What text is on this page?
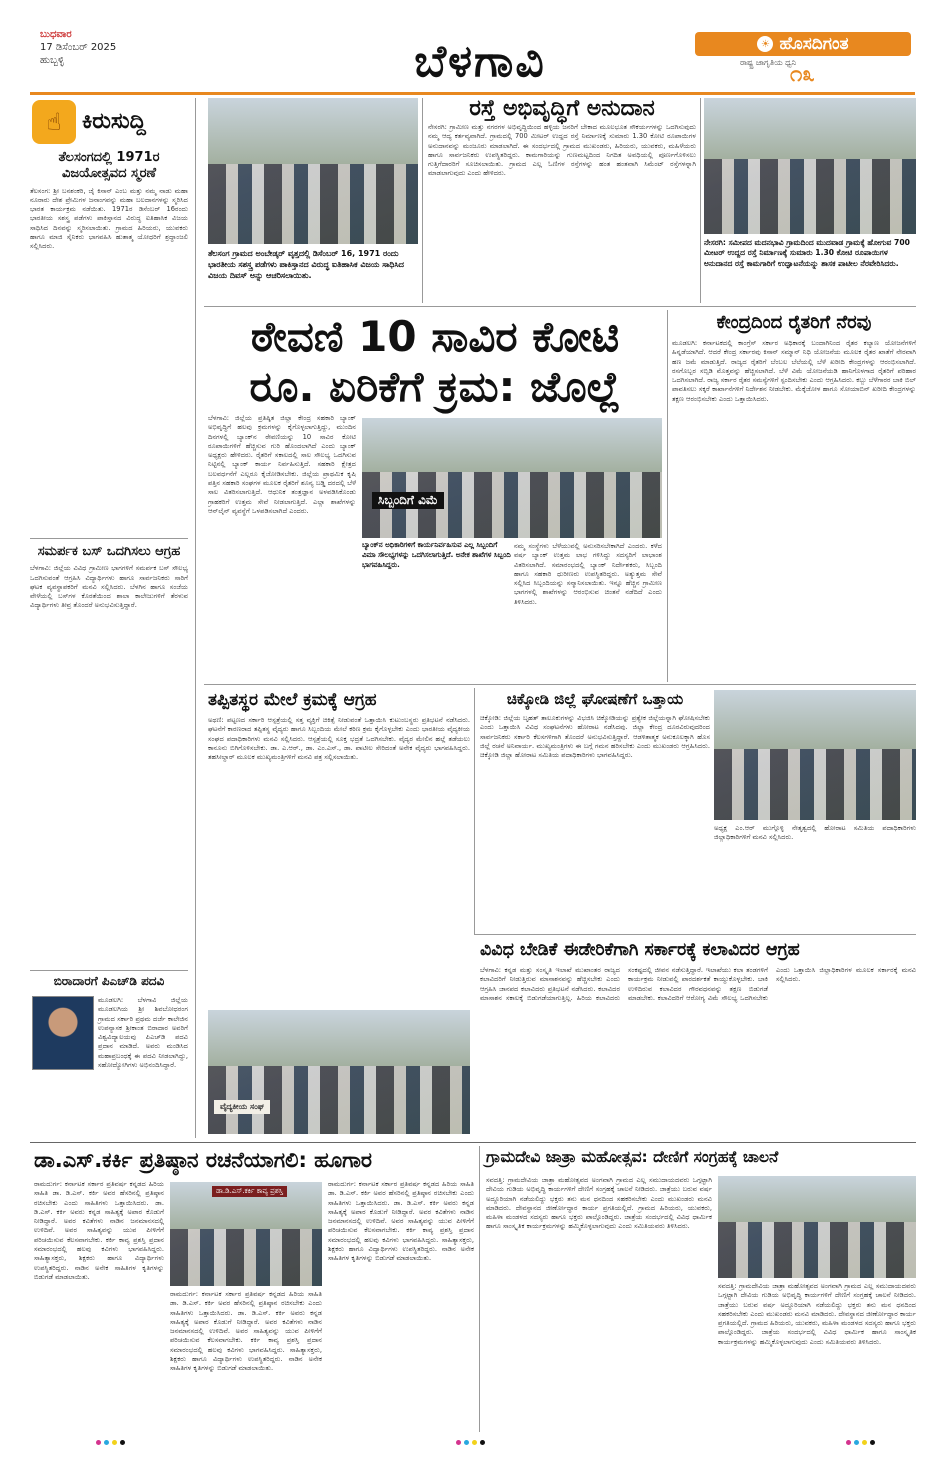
ಬುಧವಾರ
17 ಡಿಸೆಂಬರ್ 2025
ಹುಬ್ಬಳ್ಳಿ	ಬೆಳಗಾವಿ	☀ ಹೊಸದಿಗಂತ
ರಾಷ್ಟ್ರ ಜಾಗೃತಿಯ ಧ್ವನಿ
೧೩
☝ ಕಿರುಸುದ್ದಿ
ತೆಲಸಂಗದಲ್ಲಿ 1971ರ ವಿಜಯೋತ್ಸವದ ಸ್ಮರಣೆ
ತೆಲಸಂಗ: ಶ್ರೀ ಬನಶಂಕರಿ, ಜೈ ಕಿಸಾನ್ ಎಂಬ ಮತ್ತು ನಮ್ಮ ನಾಡು ಮಹಾ ನೂರಾರು ದೇಶ ಪ್ರೇಮಿಗಳ ಜನಾಂಗವನ್ನು ಮಹಾ ಬಲದಾನಗಳನ್ನು ಸ್ಮರಿಸಿದ ಭಾರತ ಕಾರ್ಯಕ್ರಮ ನಡೆಯಿತು. 1971ರ ಡಿಸೆಂಬರ್ 16ರಂದು ಭಾರತೀಯ ಸಶಸ್ತ್ರ ಪಡೆಗಳು ಪಾಕಿಸ್ತಾನದ ವಿರುದ್ಧ ಐತಿಹಾಸಿಕ ವಿಜಯ ಸಾಧಿಸಿದ ದಿನವನ್ನು ಸ್ಮರಿಸಲಾಯಿತು. ಗ್ರಾಮದ ಹಿರಿಯರು, ಯುವಕರು ಹಾಗೂ ಮಾಜಿ ಸೈನಿಕರು ಭಾಗವಹಿಸಿ ಹುತಾತ್ಮ ಯೋಧರಿಗೆ ಶ್ರದ್ಧಾಂಜಲಿ ಸಲ್ಲಿಸಿದರು.
ಸಮರ್ಪಕ ಬಸ್ ಒದಗಿಸಲು ಆಗ್ರಹ
ಬೆಳಗಾವಿ: ಜಿಲ್ಲೆಯ ವಿವಿಧ ಗ್ರಾಮೀಣ ಭಾಗಗಳಿಗೆ ಸಮರ್ಪಕ ಬಸ್ ಸೌಲಭ್ಯ ಒದಗಿಸುವಂತೆ ಆಗ್ರಹಿಸಿ ವಿದ್ಯಾರ್ಥಿಗಳು ಹಾಗೂ ಸಾರ್ವಜನಿಕರು ಸಾರಿಗೆ ಘಟಕ ವ್ಯವಸ್ಥಾಪಕರಿಗೆ ಮನವಿ ಸಲ್ಲಿಸಿದರು. ಬೆಳಗಿನ ಹಾಗೂ ಸಂಜೆಯ ವೇಳೆಯಲ್ಲಿ ಬಸ್‌ಗಳ ಕೊರತೆಯಿಂದ ಶಾಲಾ ಕಾಲೇಜುಗಳಿಗೆ ತೆರಳುವ ವಿದ್ಯಾರ್ಥಿಗಳು ತೀವ್ರ ತೊಂದರೆ ಅನುಭವಿಸುತ್ತಿದ್ದಾರೆ.
ಬಿರಾದಾರಗೆ ಪಿಎಚ್‌ಡಿ ಪದವಿ
ಮೂಡಲಗಿ: ಬೆಳಗಾವಿ ಜಿಲ್ಲೆಯ ಮೂಡಲಗಿಯ ಶ್ರೀ ಶಿವಬೋಧರಂಗ ಗ್ರಾಮದ ಸರ್ಕಾರಿ ಪ್ರಥಮ ದರ್ಜೆ ಕಾಲೇಜಿನ ಉಪನ್ಯಾಸಕ ಶ್ರೀಕಾಂತ ಬಿರಾದಾರ ಅವರಿಗೆ ವಿಶ್ವವಿದ್ಯಾಲಯವು ಪಿಎಚ್‌ಡಿ ಪದವಿ ಪ್ರದಾನ ಮಾಡಿದೆ. ಅವರು ಮಂಡಿಸಿದ ಮಹಾಪ್ರಬಂಧಕ್ಕೆ ಈ ಪದವಿ ನೀಡಲಾಗಿದ್ದು, ಸಹೋದ್ಯೋಗಿಗಳು ಅಭಿನಂದಿಸಿದ್ದಾರೆ.
ತೆಲಸಂಗ ಗ್ರಾಮದ ಅಂಬೇಡ್ಕರ್ ವೃತ್ತದಲ್ಲಿ ಡಿಸೆಂಬರ್ 16, 1971 ರಂದು ಭಾರತೀಯ ಸಶಸ್ತ್ರ ಪಡೆಗಳು ಪಾಕಿಸ್ತಾನದ ವಿರುದ್ಧ ಐತಿಹಾಸಿಕ ವಿಜಯ ಸಾಧಿಸಿದ ವಿಜಯ ದಿವಸ್ ಅನ್ನು ಆಚರಿಸಲಾಯಿತು.
ರಸ್ತೆ ಅಭಿವೃದ್ಧಿಗೆ ಅನುದಾನ
ನೇಸರಗಿ: ಗ್ರಾಮೀಣ ಮತ್ತು ನಗರಗಳ ಅಭಿವೃದ್ಧಿಯಿಂದ ಹಳ್ಳಿಯ ಜನರಿಗೆ ಬೇಕಾದ ಮೂಲಭೂತ ಸೌಕರ್ಯಗಳನ್ನು ಒದಗಿಸುವುದು ನಮ್ಮ ಆದ್ಯ ಕರ್ತವ್ಯವಾಗಿದೆ. ಗ್ರಾಮದಲ್ಲಿ 700 ಮೀಟರ್ ಉದ್ದದ ರಸ್ತೆ ನಿರ್ಮಾಣಕ್ಕೆ ಸುಮಾರು 1.30 ಕೋಟಿ ರೂಪಾಯಿಗಳ ಅನುದಾನವನ್ನು ಮಂಜೂರು ಮಾಡಲಾಗಿದೆ. ಈ ಸಂದರ್ಭದಲ್ಲಿ ಗ್ರಾಮದ ಮುಖಂಡರು, ಹಿರಿಯರು, ಯುವಕರು, ಮಹಿಳೆಯರು ಹಾಗೂ ಸಾರ್ವಜನಿಕರು ಉಪಸ್ಥಿತರಿದ್ದರು. ಕಾಮಗಾರಿಯನ್ನು ಗುಣಮಟ್ಟದಿಂದ ನಿಗದಿತ ಅವಧಿಯಲ್ಲಿ ಪೂರ್ಣಗೊಳಿಸಲು ಗುತ್ತಿಗೆದಾರರಿಗೆ ಸೂಚಿಸಲಾಯಿತು. ಗ್ರಾಮದ ಎಲ್ಲ ಓಣಿಗಳ ರಸ್ತೆಗಳನ್ನು ಹಂತ ಹಂತವಾಗಿ ಸಿಮೆಂಟ್ ರಸ್ತೆಗಳನ್ನಾಗಿ ಮಾಡಲಾಗುವುದು ಎಂದು ಹೇಳಿದರು.
ನೇಸರಗಿ: ಸಮೀಪದ ಮದನಭಾವಿ ಗ್ರಾಮದಿಂದ ಮುದವಾಡ ಗ್ರಾಮಕ್ಕೆ ಹೋಗುವ 700 ಮೀಟರ್ ಉದ್ದದ ರಸ್ತೆ ನಿರ್ಮಾಣಕ್ಕೆ ಸುಮಾರು 1.30 ಕೋಟಿ ರೂಪಾಯಿಗಳ ಅನುದಾನದ ರಸ್ತೆ ಕಾಮಗಾರಿಗೆ ಉದ್ಘಾಟನೆಯನ್ನು ಶಾಸಕ ಪಾಟೀಲ ನೆರವೇರಿಸಿದರು.
ಠೇವಣಿ 10 ಸಾವಿರ ಕೋಟಿ
ರೂ. ಏರಿಕೆಗೆ ಕ್ರಮ: ಜೊಲ್ಲೆ
ಬೆಳಗಾವಿ: ಜಿಲ್ಲೆಯ ಪ್ರತಿಷ್ಠಿತ ಜಿಲ್ಲಾ ಕೇಂದ್ರ ಸಹಕಾರಿ ಬ್ಯಾಂಕ್ ಅಭಿವೃದ್ಧಿಗೆ ಹಲವು ಕ್ರಮಗಳನ್ನು ಕೈಗೊಳ್ಳಲಾಗುತ್ತಿದ್ದು, ಮುಂದಿನ ದಿನಗಳಲ್ಲಿ ಬ್ಯಾಂಕ್‌ನ ಠೇವಣಿಯನ್ನು 10 ಸಾವಿರ ಕೋಟಿ ರೂಪಾಯಿಗಳಿಗೆ ಹೆಚ್ಚಿಸುವ ಗುರಿ ಹೊಂದಲಾಗಿದೆ ಎಂದು ಬ್ಯಾಂಕ್ ಅಧ್ಯಕ್ಷರು ಹೇಳಿದರು. ರೈತರಿಗೆ ಸಕಾಲದಲ್ಲಿ ಸಾಲ ಸೌಲಭ್ಯ ಒದಗಿಸುವ ನಿಟ್ಟಿನಲ್ಲಿ ಬ್ಯಾಂಕ್ ಕಾರ್ಯ ನಿರ್ವಹಿಸುತ್ತಿದೆ. ಸಹಕಾರಿ ಕ್ಷೇತ್ರದ ಬಲವರ್ಧನೆಗೆ ಎಲ್ಲರೂ ಕೈಜೋಡಿಸಬೇಕು. ಜಿಲ್ಲೆಯ ಪ್ರಾಥಮಿಕ ಕೃಷಿ ಪತ್ತಿನ ಸಹಕಾರಿ ಸಂಘಗಳ ಮೂಲಕ ರೈತರಿಗೆ ಶೂನ್ಯ ಬಡ್ಡಿ ದರದಲ್ಲಿ ಬೆಳೆ ಸಾಲ ವಿತರಿಸಲಾಗುತ್ತಿದೆ. ಆಧುನಿಕ ತಂತ್ರಜ್ಞಾನ ಅಳವಡಿಸಿಕೊಂಡು ಗ್ರಾಹಕರಿಗೆ ಉತ್ತಮ ಸೇವೆ ನೀಡಲಾಗುತ್ತಿದೆ. ಎಲ್ಲಾ ಶಾಖೆಗಳನ್ನು ಆನ್‌ಲೈನ್ ವ್ಯವಸ್ಥೆಗೆ ಒಳಪಡಿಸಲಾಗಿದೆ ಎಂದರು.
ಸಿಬ್ಬಂದಿಗೆ ವಿಮೆ
ಬ್ಯಾಂಕ್‌ನ ಅಧಿಕಾರಿಗಳಿಗೆ ಕಾರ್ಯನಿರ್ವಹಿಸುವ ಎಲ್ಲ ಸಿಬ್ಬಂದಿಗೆ ವಿಮಾ ಸೌಲಭ್ಯಗಳನ್ನು ಒದಗಿಸಲಾಗುತ್ತಿದೆ. ಅನೇಕ ಶಾಖೆಗಳ ಸಿಬ್ಬಂದಿ ಭಾಗವಹಿಸಿದ್ದರು.
ನಮ್ಮ ಸಂಸ್ಥೆಗಳು ಬೆಳೆಯುವಲ್ಲಿ ಅನುಸರಿಸಬೇಕಾಗಿದೆ ಎಂದರು. ಕಳೆದ ವರ್ಷ ಬ್ಯಾಂಕ್ ಉತ್ತಮ ಲಾಭ ಗಳಿಸಿದ್ದು ಸದಸ್ಯರಿಗೆ ಲಾಭಾಂಶ ವಿತರಿಸಲಾಗಿದೆ. ಸಮಾರಂಭದಲ್ಲಿ ಬ್ಯಾಂಕ್ ನಿರ್ದೇಶಕರು, ಸಿಬ್ಬಂದಿ ಹಾಗೂ ಸಹಕಾರಿ ಧುರೀಣರು ಉಪಸ್ಥಿತರಿದ್ದರು. ಅತ್ಯುತ್ತಮ ಸೇವೆ ಸಲ್ಲಿಸಿದ ಸಿಬ್ಬಂದಿಯನ್ನು ಸನ್ಮಾನಿಸಲಾಯಿತು. ಇನ್ನೂ ಹೆಚ್ಚಿನ ಗ್ರಾಮೀಣ ಭಾಗಗಳಲ್ಲಿ ಶಾಖೆಗಳನ್ನು ಆರಂಭಿಸುವ ಚಿಂತನೆ ನಡೆದಿದೆ ಎಂದು ತಿಳಿಸಿದರು.
ಕೇಂದ್ರದಿಂದ ರೈತರಿಗೆ ನೆರವು
ಮೂಡಲಗಿ: ಕರ್ನಾಟಕದಲ್ಲಿ ಕಾಂಗ್ರೆಸ್ ಸರ್ಕಾರ ಅಧಿಕಾರಕ್ಕೆ ಬಂದಾಗಿನಿಂದ ರೈತರ ಕಲ್ಯಾಣ ಯೋಜನೆಗಳಿಗೆ ಹಿನ್ನಡೆಯಾಗಿದೆ. ಆದರೆ ಕೇಂದ್ರ ಸರ್ಕಾರವು ಕಿಸಾನ್ ಸಮ್ಮಾನ್ ನಿಧಿ ಯೋಜನೆಯ ಮೂಲಕ ರೈತರ ಖಾತೆಗೆ ನೇರವಾಗಿ ಹಣ ಜಮೆ ಮಾಡುತ್ತಿದೆ. ರಾಜ್ಯದ ರೈತರಿಗೆ ಬೆಂಬಲ ಬೆಲೆಯಲ್ಲಿ ಬೆಳೆ ಖರೀದಿ ಕೇಂದ್ರಗಳನ್ನು ಆರಂಭಿಸಲಾಗಿದೆ. ರಸಗೊಬ್ಬರ ಸಬ್ಸಿಡಿ ಮೊತ್ತವನ್ನು ಹೆಚ್ಚಿಸಲಾಗಿದೆ. ಬೆಳೆ ವಿಮೆ ಯೋಜನೆಯಡಿ ಹಾನಿಗೊಳಗಾದ ರೈತರಿಗೆ ಪರಿಹಾರ ಒದಗಿಸಲಾಗಿದೆ. ರಾಜ್ಯ ಸರ್ಕಾರ ರೈತರ ಸಮಸ್ಯೆಗಳಿಗೆ ಸ್ಪಂದಿಸಬೇಕು ಎಂದು ಆಗ್ರಹಿಸಿದರು. ಕಬ್ಬು ಬೆಳೆಗಾರರ ಬಾಕಿ ಬಿಲ್ ಪಾವತಿಸಲು ಸಕ್ಕರೆ ಕಾರ್ಖಾನೆಗಳಿಗೆ ನಿರ್ದೇಶನ ನೀಡಬೇಕು. ಮೆಕ್ಕೆಜೋಳ ಹಾಗೂ ಸೋಯಾಬಿನ್ ಖರೀದಿ ಕೇಂದ್ರಗಳನ್ನು ತಕ್ಷಣ ಆರಂಭಿಸಬೇಕು ಎಂದು ಒತ್ತಾಯಿಸಿದರು.
ತಪ್ಪಿತಸ್ಥರ ಮೇಲೆ ಕ್ರಮಕ್ಕೆ ಆಗ್ರಹ
ಅಥಣಿ: ಪಟ್ಟಣದ ಸರ್ಕಾರಿ ಆಸ್ಪತ್ರೆಯಲ್ಲಿ ಸತ್ತ ವ್ಯಕ್ತಿಗೆ ಚಿಕಿತ್ಸೆ ನೀಡುವಂತೆ ಒತ್ತಾಯಿಸಿ ಕುಟುಂಬಸ್ಥರು ಪ್ರತಿಭಟನೆ ನಡೆಸಿದರು. ಘಟನೆಗೆ ಕಾರಣರಾದ ತಪ್ಪಿತಸ್ಥ ವೈದ್ಯರು ಹಾಗೂ ಸಿಬ್ಬಂದಿಯ ಮೇಲೆ ಕಠಿಣ ಕ್ರಮ ಕೈಗೊಳ್ಳಬೇಕು ಎಂದು ಭಾರತೀಯ ವೈದ್ಯಕೀಯ ಸಂಘದ ಪದಾಧಿಕಾರಿಗಳು ಮನವಿ ಸಲ್ಲಿಸಿದರು. ಆಸ್ಪತ್ರೆಯಲ್ಲಿ ಸೂಕ್ತ ಭದ್ರತೆ ಒದಗಿಸಬೇಕು. ವೈದ್ಯರ ಮೇಲಿನ ಹಲ್ಲೆ ತಡೆಯಲು ಕಾನೂನು ಬಿಗಿಗೊಳಿಸಬೇಕು. ಡಾ. ಎ.ಆರ್., ಡಾ. ಎಂ.ಎಸ್., ಡಾ. ಪಾಟೀಲ ಸೇರಿದಂತೆ ಅನೇಕ ವೈದ್ಯರು ಭಾಗವಹಿಸಿದ್ದರು. ತಹಸೀಲ್ದಾರ್ ಮೂಲಕ ಮುಖ್ಯಮಂತ್ರಿಗಳಿಗೆ ಮನವಿ ಪತ್ರ ಸಲ್ಲಿಸಲಾಯಿತು.
ವೈದ್ಯಕೀಯ ಸಂಘ
ಚಿಕ್ಕೋಡಿ ಜಿಲ್ಲೆ ಘೋಷಣೆಗೆ ಒತ್ತಾಯ
ಚಿಕ್ಕೋಡಿ: ಜಿಲ್ಲೆಯ ಬೃಹತ್ ತಾಲೂಕುಗಳನ್ನು ವಿಭಜಿಸಿ ಚಿಕ್ಕೋಡಿಯನ್ನು ಪ್ರತ್ಯೇಕ ಜಿಲ್ಲೆಯನ್ನಾಗಿ ಘೋಷಿಸಬೇಕು ಎಂದು ಒತ್ತಾಯಿಸಿ ವಿವಿಧ ಸಂಘಟನೆಗಳು ಹೋರಾಟ ನಡೆಸಿದವು. ಜಿಲ್ಲಾ ಕೇಂದ್ರ ದೂರವಿರುವುದರಿಂದ ಸಾರ್ವಜನಿಕರು ಸರ್ಕಾರಿ ಕೆಲಸಗಳಿಗಾಗಿ ತೊಂದರೆ ಅನುಭವಿಸುತ್ತಿದ್ದಾರೆ. ಆಡಳಿತಾತ್ಮಕ ಅನುಕೂಲಕ್ಕಾಗಿ ಹೊಸ ಜಿಲ್ಲೆ ರಚನೆ ಅನಿವಾರ್ಯ. ಮುಖ್ಯಮಂತ್ರಿಗಳು ಈ ಬಗ್ಗೆ ಗಮನ ಹರಿಸಬೇಕು ಎಂದು ಮುಖಂಡರು ಆಗ್ರಹಿಸಿದರು. ಚಿಕ್ಕೋಡಿ ಜಿಲ್ಲಾ ಹೋರಾಟ ಸಮಿತಿಯ ಪದಾಧಿಕಾರಿಗಳು ಭಾಗವಹಿಸಿದ್ದರು.
ಅಧ್ಯಕ್ಷ ಎಂ.ಆರ್ ಮುಗ್ಗೊಳ್ಳಿ ನೇತೃತ್ವದಲ್ಲಿ ಹೋರಾಟ ಸಮಿತಿಯ ಪದಾಧಿಕಾರಿಗಳು ಜಿಲ್ಲಾಧಿಕಾರಿಗಳಿಗೆ ಮನವಿ ಸಲ್ಲಿಸಿದರು.
ವಿವಿಧ ಬೇಡಿಕೆ ಈಡೇರಿಕೆಗಾಗಿ ಸರ್ಕಾರಕ್ಕೆ ಕಲಾವಿದರ ಆಗ್ರಹ
ಬೆಳಗಾವಿ: ಕನ್ನಡ ಮತ್ತು ಸಂಸ್ಕೃತಿ ಇಲಾಖೆ ಮುಖಾಂತರ ರಾಜ್ಯದ ಕಲಾವಿದರಿಗೆ ನೀಡುತ್ತಿರುವ ಮಾಸಾಶನವನ್ನು ಹೆಚ್ಚಿಸಬೇಕು ಎಂದು ಆಗ್ರಹಿಸಿ ಜಾನಪದ ಕಲಾವಿದರು ಪ್ರತಿಭಟನೆ ನಡೆಸಿದರು. ಕಲಾವಿದರ ಮಾಸಾಶನ ಸಕಾಲಕ್ಕೆ ಬಿಡುಗಡೆಯಾಗುತ್ತಿಲ್ಲ. ಹಿರಿಯ ಕಲಾವಿದರು ಸಂಕಷ್ಟದಲ್ಲಿ ಜೀವನ ನಡೆಸುತ್ತಿದ್ದಾರೆ. ಇಲಾಖೆಯು ಕಲಾ ತಂಡಗಳಿಗೆ ಕಾರ್ಯಕ್ರಮ ನೀಡುವಲ್ಲಿ ಪಾರದರ್ಶಕತೆ ಕಾಯ್ದುಕೊಳ್ಳಬೇಕು. ಬಾಕಿ ಉಳಿದಿರುವ ಕಲಾವಿದರ ಗೌರವಧನವನ್ನು ತಕ್ಷಣ ಬಿಡುಗಡೆ ಮಾಡಬೇಕು. ಕಲಾವಿದರಿಗೆ ಆರೋಗ್ಯ ವಿಮೆ ಸೌಲಭ್ಯ ಒದಗಿಸಬೇಕು ಎಂದು ಒತ್ತಾಯಿಸಿ ಜಿಲ್ಲಾಧಿಕಾರಿಗಳ ಮೂಲಕ ಸರ್ಕಾರಕ್ಕೆ ಮನವಿ ಸಲ್ಲಿಸಿದರು.
ಡಾ.ಎಸ್.ಕರ್ಕಿ ಪ್ರತಿಷ್ಠಾನ ರಚನೆಯಾಗಲಿ: ಹೂಗಾರ
ರಾಮದುರ್ಗ: ಕರ್ನಾಟಕ ಸರ್ಕಾರ ಪ್ರತಿವರ್ಷ ಕನ್ನಡದ ಹಿರಿಯ ಸಾಹಿತಿ ಡಾ. ಡಿ.ಎಸ್. ಕರ್ಕಿ ಅವರ ಹೆಸರಿನಲ್ಲಿ ಪ್ರತಿಷ್ಠಾನ ರಚಿಸಬೇಕು ಎಂದು ಸಾಹಿತಿಗಳು ಒತ್ತಾಯಿಸಿದರು. ಡಾ. ಡಿ.ಎಸ್. ಕರ್ಕಿ ಅವರು ಕನ್ನಡ ಸಾಹಿತ್ಯಕ್ಕೆ ಅಪಾರ ಕೊಡುಗೆ ನೀಡಿದ್ದಾರೆ. ಅವರ ಕವಿತೆಗಳು ನಾಡಿನ ಜನಮಾನಸದಲ್ಲಿ ಉಳಿದಿವೆ. ಅವರ ಸಾಹಿತ್ಯವನ್ನು ಯುವ ಪೀಳಿಗೆಗೆ ಪರಿಚಯಿಸುವ ಕೆಲಸವಾಗಬೇಕು. ಕರ್ಕಿ ಕಾವ್ಯ ಪ್ರಶಸ್ತಿ ಪ್ರದಾನ ಸಮಾರಂಭದಲ್ಲಿ ಹಲವು ಕವಿಗಳು ಭಾಗವಹಿಸಿದ್ದರು. ಸಾಹಿತ್ಯಾಸಕ್ತರು, ಶಿಕ್ಷಕರು ಹಾಗೂ ವಿದ್ಯಾರ್ಥಿಗಳು ಉಪಸ್ಥಿತರಿದ್ದರು. ನಾಡಿನ ಅನೇಕ ಸಾಹಿತಿಗಳ ಕೃತಿಗಳನ್ನು ಬಿಡುಗಡೆ ಮಾಡಲಾಯಿತು.
ಡಾ.ಡಿ.ಎಸ್.ಕರ್ಕಿ ಕಾವ್ಯ ಪ್ರಶಸ್ತಿ
ರಾಮದುರ್ಗ: ಕರ್ನಾಟಕ ಸರ್ಕಾರ ಪ್ರತಿವರ್ಷ ಕನ್ನಡದ ಹಿರಿಯ ಸಾಹಿತಿ ಡಾ. ಡಿ.ಎಸ್. ಕರ್ಕಿ ಅವರ ಹೆಸರಿನಲ್ಲಿ ಪ್ರತಿಷ್ಠಾನ ರಚಿಸಬೇಕು ಎಂದು ಸಾಹಿತಿಗಳು ಒತ್ತಾಯಿಸಿದರು. ಡಾ. ಡಿ.ಎಸ್. ಕರ್ಕಿ ಅವರು ಕನ್ನಡ ಸಾಹಿತ್ಯಕ್ಕೆ ಅಪಾರ ಕೊಡುಗೆ ನೀಡಿದ್ದಾರೆ. ಅವರ ಕವಿತೆಗಳು ನಾಡಿನ ಜನಮಾನಸದಲ್ಲಿ ಉಳಿದಿವೆ. ಅವರ ಸಾಹಿತ್ಯವನ್ನು ಯುವ ಪೀಳಿಗೆಗೆ ಪರಿಚಯಿಸುವ ಕೆಲಸವಾಗಬೇಕು. ಕರ್ಕಿ ಕಾವ್ಯ ಪ್ರಶಸ್ತಿ ಪ್ರದಾನ ಸಮಾರಂಭದಲ್ಲಿ ಹಲವು ಕವಿಗಳು ಭಾಗವಹಿಸಿದ್ದರು. ಸಾಹಿತ್ಯಾಸಕ್ತರು, ಶಿಕ್ಷಕರು ಹಾಗೂ ವಿದ್ಯಾರ್ಥಿಗಳು ಉಪಸ್ಥಿತರಿದ್ದರು. ನಾಡಿನ ಅನೇಕ ಸಾಹಿತಿಗಳ ಕೃತಿಗಳನ್ನು ಬಿಡುಗಡೆ ಮಾಡಲಾಯಿತು.
ರಾಮದುರ್ಗ: ಕರ್ನಾಟಕ ಸರ್ಕಾರ ಪ್ರತಿವರ್ಷ ಕನ್ನಡದ ಹಿರಿಯ ಸಾಹಿತಿ ಡಾ. ಡಿ.ಎಸ್. ಕರ್ಕಿ ಅವರ ಹೆಸರಿನಲ್ಲಿ ಪ್ರತಿಷ್ಠಾನ ರಚಿಸಬೇಕು ಎಂದು ಸಾಹಿತಿಗಳು ಒತ್ತಾಯಿಸಿದರು. ಡಾ. ಡಿ.ಎಸ್. ಕರ್ಕಿ ಅವರು ಕನ್ನಡ ಸಾಹಿತ್ಯಕ್ಕೆ ಅಪಾರ ಕೊಡುಗೆ ನೀಡಿದ್ದಾರೆ. ಅವರ ಕವಿತೆಗಳು ನಾಡಿನ ಜನಮಾನಸದಲ್ಲಿ ಉಳಿದಿವೆ. ಅವರ ಸಾಹಿತ್ಯವನ್ನು ಯುವ ಪೀಳಿಗೆಗೆ ಪರಿಚಯಿಸುವ ಕೆಲಸವಾಗಬೇಕು. ಕರ್ಕಿ ಕಾವ್ಯ ಪ್ರಶಸ್ತಿ ಪ್ರದಾನ ಸಮಾರಂಭದಲ್ಲಿ ಹಲವು ಕವಿಗಳು ಭಾಗವಹಿಸಿದ್ದರು. ಸಾಹಿತ್ಯಾಸಕ್ತರು, ಶಿಕ್ಷಕರು ಹಾಗೂ ವಿದ್ಯಾರ್ಥಿಗಳು ಉಪಸ್ಥಿತರಿದ್ದರು. ನಾಡಿನ ಅನೇಕ ಸಾಹಿತಿಗಳ ಕೃತಿಗಳನ್ನು ಬಿಡುಗಡೆ ಮಾಡಲಾಯಿತು.
ಗ್ರಾಮದೇವಿ ಜಾತ್ರಾ ಮಹೋತ್ಸವ: ದೇಣಿಗೆ ಸಂಗ್ರಹಕ್ಕೆ ಚಾಲನೆ
ಸವದತ್ತಿ: ಗ್ರಾಮದೇವಿಯ ಜಾತ್ರಾ ಮಹೋತ್ಸವದ ಅಂಗವಾಗಿ ಗ್ರಾಮದ ಎಲ್ಲ ಸಮುದಾಯದವರು ಒಗ್ಗಟ್ಟಾಗಿ ದೇವಿಯ ಗುಡಿಯ ಅಭಿವೃದ್ಧಿ ಕಾರ್ಯಗಳಿಗೆ ದೇಣಿಗೆ ಸಂಗ್ರಹಕ್ಕೆ ಚಾಲನೆ ನೀಡಿದರು. ಜಾತ್ರೆಯು ಬರುವ ವರ್ಷ ಅದ್ದೂರಿಯಾಗಿ ನಡೆಯಲಿದ್ದು ಭಕ್ತರು ತನು ಮನ ಧನದಿಂದ ಸಹಕರಿಸಬೇಕು ಎಂದು ಮುಖಂಡರು ಮನವಿ ಮಾಡಿದರು. ದೇವಸ್ಥಾನದ ಜೀರ್ಣೋದ್ಧಾರ ಕಾರ್ಯ ಪ್ರಗತಿಯಲ್ಲಿದೆ. ಗ್ರಾಮದ ಹಿರಿಯರು, ಯುವಕರು, ಮಹಿಳಾ ಮಂಡಳದ ಸದಸ್ಯರು ಹಾಗೂ ಭಕ್ತರು ಪಾಲ್ಗೊಂಡಿದ್ದರು. ಜಾತ್ರೆಯ ಸಂದರ್ಭದಲ್ಲಿ ವಿವಿಧ ಧಾರ್ಮಿಕ ಹಾಗೂ ಸಾಂಸ್ಕೃತಿಕ ಕಾರ್ಯಕ್ರಮಗಳನ್ನು ಹಮ್ಮಿಕೊಳ್ಳಲಾಗುವುದು ಎಂದು ಸಮಿತಿಯವರು ತಿಳಿಸಿದರು.
ಸವದತ್ತಿ: ಗ್ರಾಮದೇವಿಯ ಜಾತ್ರಾ ಮಹೋತ್ಸವದ ಅಂಗವಾಗಿ ಗ್ರಾಮದ ಎಲ್ಲ ಸಮುದಾಯದವರು ಒಗ್ಗಟ್ಟಾಗಿ ದೇವಿಯ ಗುಡಿಯ ಅಭಿವೃದ್ಧಿ ಕಾರ್ಯಗಳಿಗೆ ದೇಣಿಗೆ ಸಂಗ್ರಹಕ್ಕೆ ಚಾಲನೆ ನೀಡಿದರು. ಜಾತ್ರೆಯು ಬರುವ ವರ್ಷ ಅದ್ದೂರಿಯಾಗಿ ನಡೆಯಲಿದ್ದು ಭಕ್ತರು ತನು ಮನ ಧನದಿಂದ ಸಹಕರಿಸಬೇಕು ಎಂದು ಮುಖಂಡರು ಮನವಿ ಮಾಡಿದರು. ದೇವಸ್ಥಾನದ ಜೀರ್ಣೋದ್ಧಾರ ಕಾರ್ಯ ಪ್ರಗತಿಯಲ್ಲಿದೆ. ಗ್ರಾಮದ ಹಿರಿಯರು, ಯುವಕರು, ಮಹಿಳಾ ಮಂಡಳದ ಸದಸ್ಯರು ಹಾಗೂ ಭಕ್ತರು ಪಾಲ್ಗೊಂಡಿದ್ದರು. ಜಾತ್ರೆಯ ಸಂದರ್ಭದಲ್ಲಿ ವಿವಿಧ ಧಾರ್ಮಿಕ ಹಾಗೂ ಸಾಂಸ್ಕೃತಿಕ ಕಾರ್ಯಕ್ರಮಗಳನ್ನು ಹಮ್ಮಿಕೊಳ್ಳಲಾಗುವುದು ಎಂದು ಸಮಿತಿಯವರು ತಿಳಿಸಿದರು.
